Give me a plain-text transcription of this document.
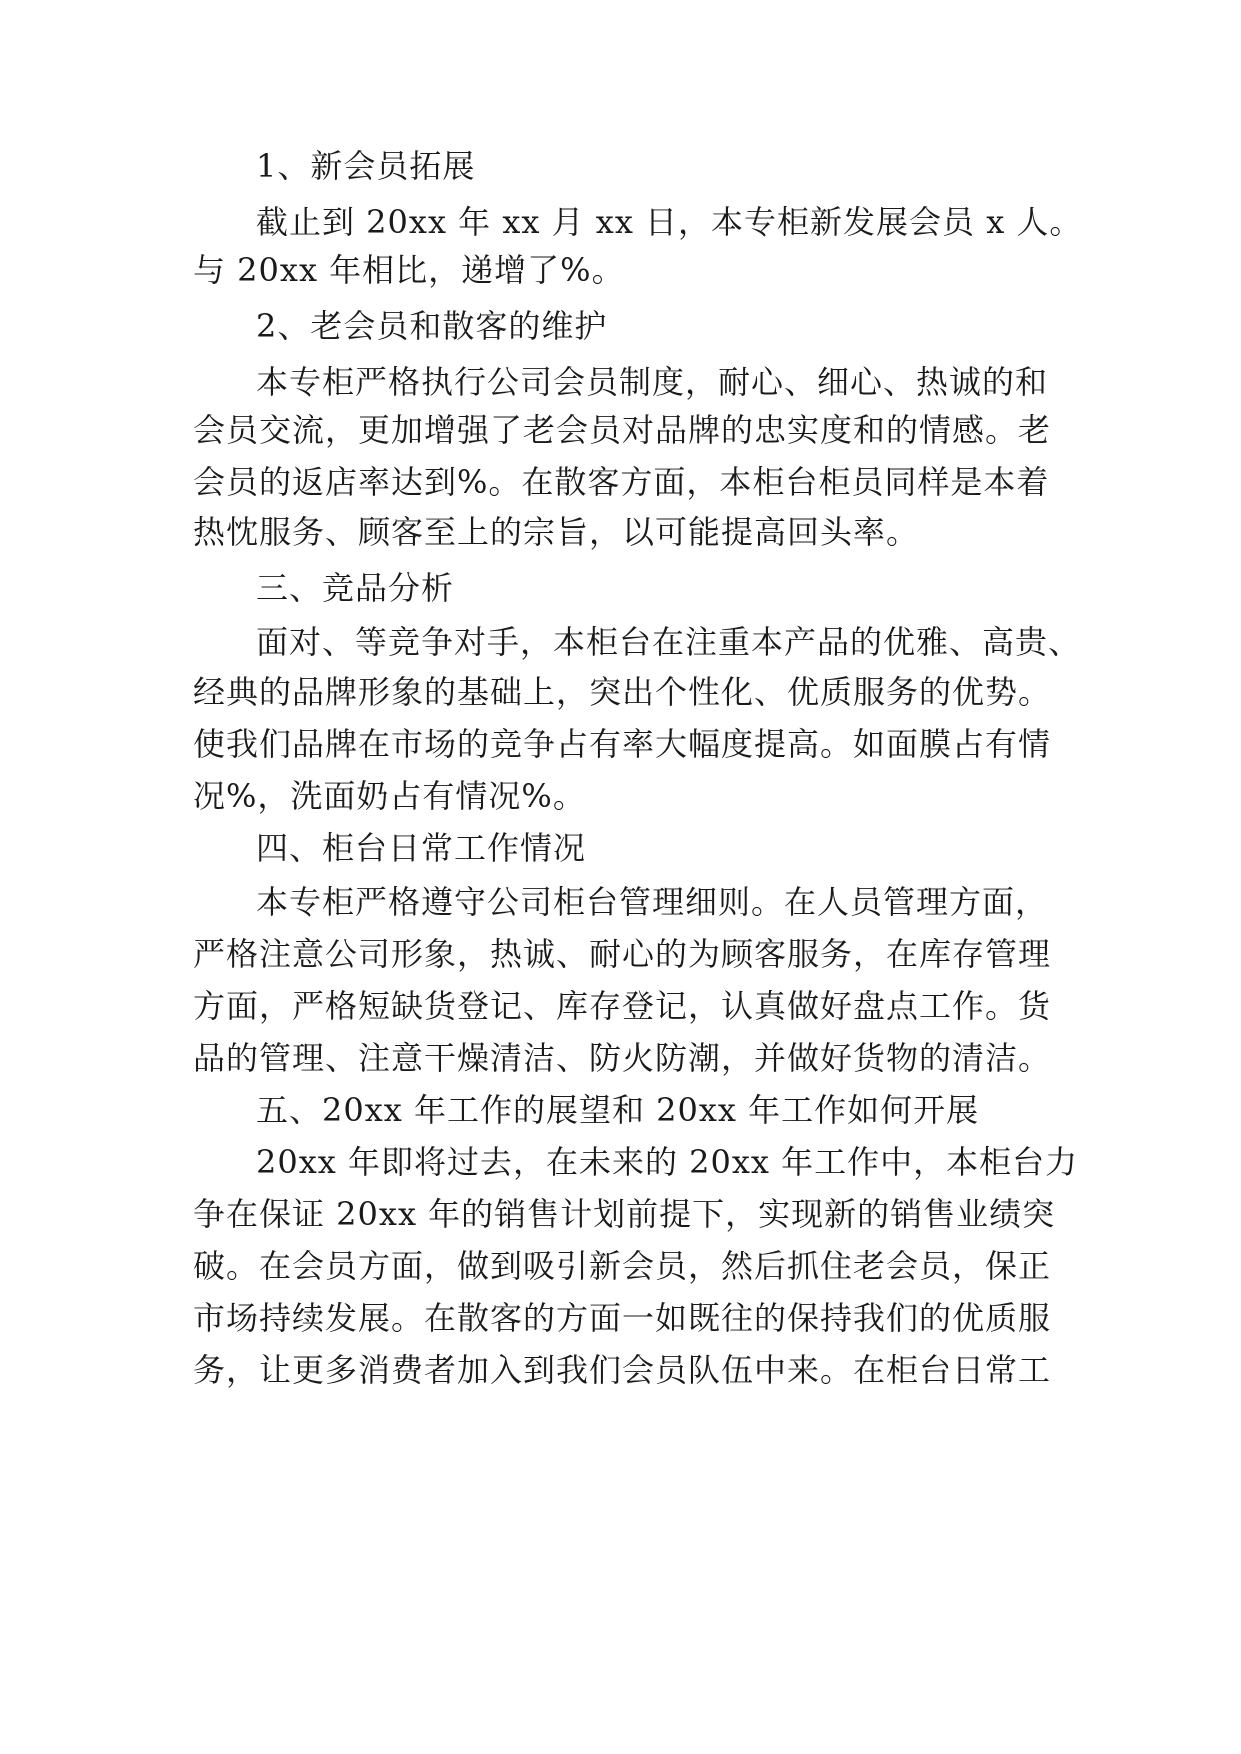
1、新会员拓展
截止到 20xx 年 xx 月 xx 日，本专柜新发展会员 x 人。
与 20xx 年相比，递增了%。
2、老会员和散客的维护
本专柜严格执行公司会员制度，耐心、细心、热诚的和
会员交流，更加增强了老会员对品牌的忠实度和的情感。老
会员的返店率达到%。在散客方面，本柜台柜员同样是本着
热忱服务、顾客至上的宗旨，以可能提高回头率。
三、竞品分析
面对、等竞争对手，本柜台在注重本产品的优雅、高贵、
经典的品牌形象的基础上，突出个性化、优质服务的优势。
使我们品牌在市场的竞争占有率大幅度提高。如面膜占有情
况%，洗面奶占有情况%。
四、柜台日常工作情况
本专柜严格遵守公司柜台管理细则。在人员管理方面，
严格注意公司形象，热诚、耐心的为顾客服务，在库存管理
方面，严格短缺货登记、库存登记，认真做好盘点工作。货
品的管理、注意干燥清洁、防火防潮，并做好货物的清洁。
五、20xx 年工作的展望和 20xx 年工作如何开展
20xx 年即将过去，在未来的 20xx 年工作中，本柜台力
争在保证 20xx 年的销售计划前提下，实现新的销售业绩突
破。在会员方面，做到吸引新会员，然后抓住老会员，保正
市场持续发展。在散客的方面一如既往的保持我们的优质服
务，让更多消费者加入到我们会员队伍中来。在柜台日常工
